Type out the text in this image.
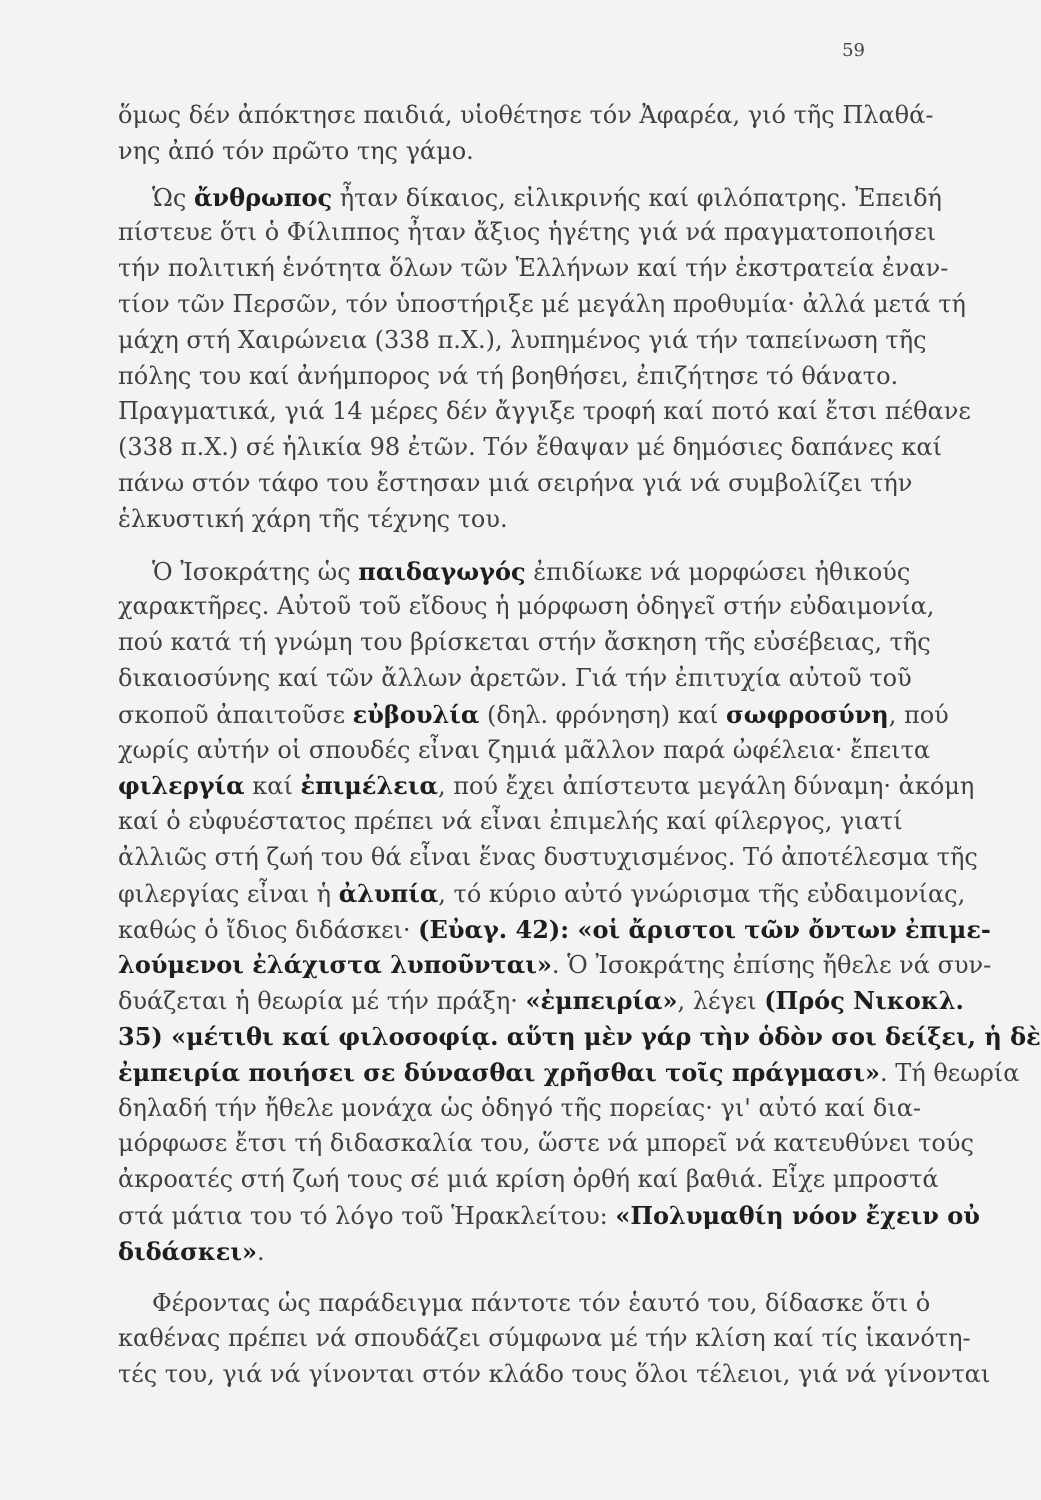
59
ὅμως δέν ἀπόκτησε παιδιά, υἱοθέτησε τόν Ἀφαρέα, γιό τῆς Πλαθά-
νης ἀπό τόν πρῶτο της γάμο.
Ὡς ἄνθρωπος ἦταν δίκαιος, εἰλικρινής καί φιλόπατρης. Ἐπειδή
πίστευε ὅτι ὁ Φίλιππος ἦταν ἄξιος ἡγέτης γιά νά πραγματοποιήσει
τήν πολιτική ἑνότητα ὅλων τῶν Ἑλλήνων καί τήν ἐκστρατεία ἐναν-
τίον τῶν Περσῶν, τόν ὑποστήριξε μέ μεγάλη προθυμία· ἀλλά μετά τή
μάχη στή Χαιρώνεια (338 π.Χ.), λυπημένος γιά τήν ταπείνωση τῆς
πόλης του καί ἀνήμπορος νά τή βοηθήσει, ἐπιζήτησε τό θάνατο.
Πραγματικά, γιά 14 μέρες δέν ἄγγιξε τροφή καί ποτό καί ἔτσι πέθανε
(338 π.Χ.) σέ ἡλικία 98 ἐτῶν. Τόν ἔθαψαν μέ δημόσιες δαπάνες καί
πάνω στόν τάφο του ἔστησαν μιά σειρήνα γιά νά συμβολίζει τήν
ἑλκυστική χάρη τῆς τέχνης του.
Ὁ Ἰσοκράτης ὡς παιδαγωγός ἐπιδίωκε νά μορφώσει ἠθικούς
χαρακτῆρες. Αὐτοῦ τοῦ εἴδους ἡ μόρφωση ὁδηγεῖ στήν εὐδαιμονία,
πού κατά τή γνώμη του βρίσκεται στήν ἄσκηση τῆς εὐσέβειας, τῆς
δικαιοσύνης καί τῶν ἄλλων ἀρετῶν. Γιά τήν ἐπιτυχία αὐτοῦ τοῦ
σκοποῦ ἀπαιτοῦσε εὐβουλία (δηλ. φρόνηση) καί σωφροσύνη, πού
χωρίς αὐτήν οἱ σπουδές εἶναι ζημιά μᾶλλον παρά ὠφέλεια· ἔπειτα
φιλεργία καί ἐπιμέλεια, πού ἔχει ἀπίστευτα μεγάλη δύναμη· ἀκόμη
καί ὁ εὐφυέστατος πρέπει νά εἶναι ἐπιμελής καί φίλεργος, γιατί
ἀλλιῶς στή ζωή του θά εἶναι ἕνας δυστυχισμένος. Τό ἀποτέλεσμα τῆς
φιλεργίας εἶναι ἡ ἀλυπία, τό κύριο αὐτό γνώρισμα τῆς εὐδαιμονίας,
καθώς ὁ ἴδιος διδάσκει· (Εὐαγ. 42): «οἱ ἄριστοι τῶν ὄντων ἐπιμε-
λούμενοι ἐλάχιστα λυποῦνται». Ὁ Ἰσοκράτης ἐπίσης ἤθελε νά συν-
δυάζεται ἡ θεωρία μέ τήν πράξη· «ἐμπειρία», λέγει (Πρός Νικοκλ.
35) «μέτιθι καί φιλοσοφίᾳ. αὕτη μὲν γάρ τὴν ὁδὸν σοι δείξει, ἡ δὲ
ἐμπειρία ποιήσει σε δύνασθαι χρῆσθαι τοῖς πράγμασι». Τή θεωρία
δηλαδή τήν ἤθελε μονάχα ὡς ὁδηγό τῆς πορείας· γι' αὐτό καί δια-
μόρφωσε ἔτσι τή διδασκαλία του, ὥστε νά μπορεῖ νά κατευθύνει τούς
ἀκροατές στή ζωή τους σέ μιά κρίση ὀρθή καί βαθιά. Εἶχε μπροστά
στά μάτια του τό λόγο τοῦ Ἡρακλείτου: «Πολυμαθίη νόον ἔχειν οὐ
διδάσκει».
Φέροντας ὡς παράδειγμα πάντοτε τόν ἑαυτό του, δίδασκε ὅτι ὁ
καθένας πρέπει νά σπουδάζει σύμφωνα μέ τήν κλίση καί τίς ἱκανότη-
τές του, γιά νά γίνονται στόν κλάδο τους ὅλοι τέλειοι, γιά νά γίνονται
